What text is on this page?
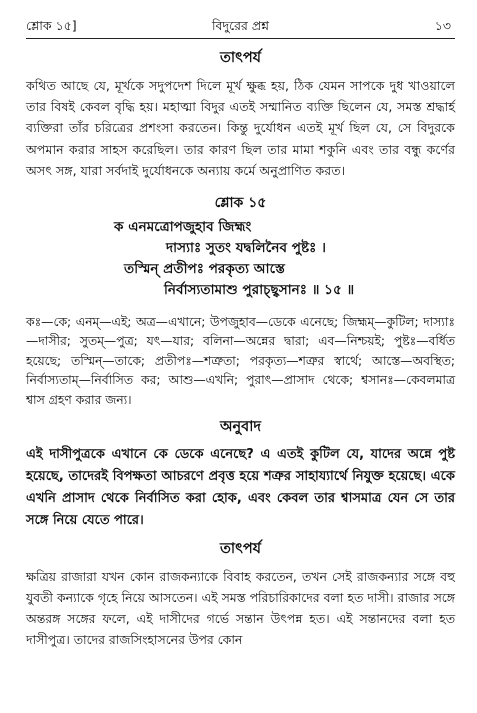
শ্লোক ১৫]	বিদুরের প্রশ্ন	১৩
তাৎপর্য

কথিত আছে যে, মূর্খকে সদুপদেশ দিলে মূর্খ ক্ষুব্ধ হয়, ঠিক যেমন সাপকে দুধ খাওয়ালে তার বিষই কেবল বৃদ্ধি হয়। মহাত্মা বিদুর এতই সম্মানিত ব্যক্তি ছিলেন যে, সমস্ত শ্রদ্ধার্হ ব্যক্তিরা তাঁর চরিত্রের প্রশংসা করতেন। কিন্তু দুর্যোধন এতই মূর্খ ছিল যে, সে বিদুরকে অপমান করার সাহস করেছিল। তার কারণ ছিল তার মামা শকুনি এবং তার বন্ধু কর্ণের অসৎ সঙ্গ, যারা সর্বদাই দুর্যোধনকে অন্যায় কর্মে অনুপ্রাণিত করত।

শ্লোক ১৫

ক এনমত্রোপজুহাব জিহ্মং

দাস্যাঃ সুতং যদ্বলিনৈব পুষ্টঃ ।

তস্মিন্ প্রতীপঃ পরকৃত্য আস্তে

নির্বাস্যতামাশু পুরাচ্ছ্বসানঃ ॥ ১৫ ॥

কঃ—কে; এনম্—এই; অত্র—এখানে; উপজুহাব—ডেকে এনেছে; জিহ্মম্—কুটিল; দাস্যাঃ—দাসীর; সুতম্—পুত্র; যৎ—যার; বলিনা—অন্নের দ্বারা; এব—নিশ্চয়ই; পুষ্টঃ—বর্ধিত হয়েছে; তস্মিন্—তাকে; প্রতীপঃ—শত্রুতা; পরকৃত্য—শত্রুর স্বার্থে; আস্তে—অবস্থিত; নির্বাস্যতাম্—নির্বাসিত কর; আশু—এখনি; পুরাৎ—প্রাসাদ থেকে; শ্বসানঃ—কেবলমাত্র শ্বাস গ্রহণ করার জন্য।

অনুবাদ

এই দাসীপুত্রকে এখানে কে ডেকে এনেছে? এ এতই কুটিল যে, যাদের অন্নে পুষ্ট হয়েছে, তাদেরই বিপক্ষতা আচরণে প্রবৃত্ত হয়ে শত্রুর সাহায্যার্থে নিযুক্ত হয়েছে। একে এখনি প্রাসাদ থেকে নির্বাসিত করা হোক, এবং কেবল তার শ্বাসমাত্র যেন সে তার সঙ্গে নিয়ে যেতে পারে।

তাৎপর্য

ক্ষত্রিয় রাজারা যখন কোন রাজকন্যাকে বিবাহ করতেন, তখন সেই রাজকন্যার সঙ্গে বহু যুবতী কন্যাকে গৃহে নিয়ে আসতেন। এই সমস্ত পরিচারিকাদের বলা হত দাসী। রাজার সঙ্গে অন্তরঙ্গ সঙ্গের ফলে, এই দাসীদের গর্ভে সন্তান উৎপন্ন হত। এই সন্তানদের বলা হত দাসীপুত্র। তাদের রাজসিংহাসনের উপর কোন
